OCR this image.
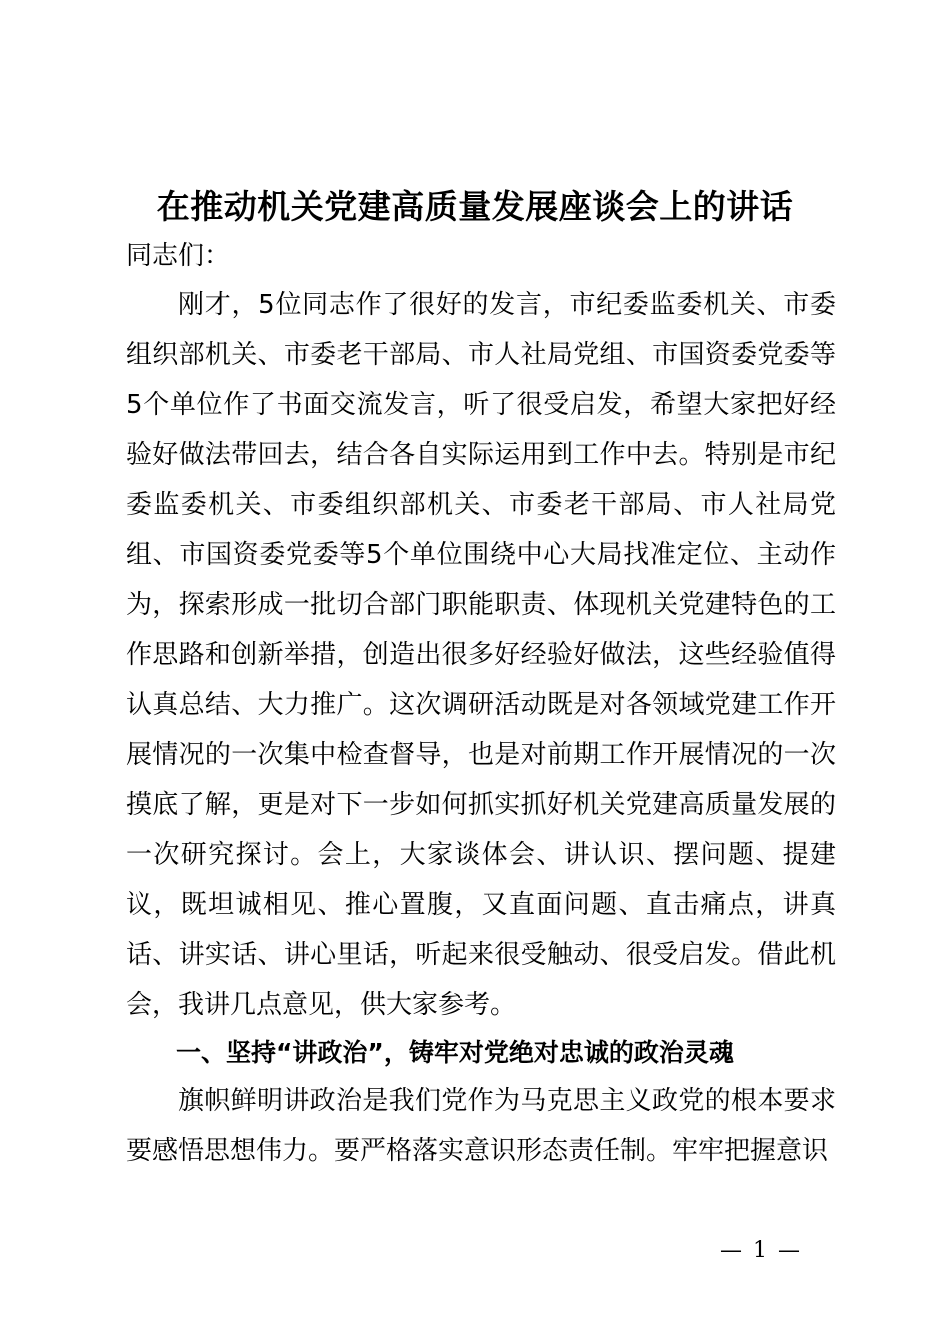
在推动机关党建高质量发展座谈会上的讲话
同志们：

刚才，5位同志作了很好的发言，市纪委监委机关、市委组织部机关、市委老干部局、市人社局党组、市国资委党委等5个单位作了书面交流发言，听了很受启发，希望大家把好经验好做法带回去，结合各自实际运用到工作中去。特别是市纪委监委机关、市委组织部机关、市委老干部局、市人社局党组、市国资委党委等5个单位围绕中心大局找准定位、主动作为，探索形成一批切合部门职能职责、体现机关党建特色的工作思路和创新举措，创造出很多好经验好做法，这些经验值得认真总结、大力推广。这次调研活动既是对各领域党建工作开展情况的一次集中检查督导，也是对前期工作开展情况的一次摸底了解，更是对下一步如何抓实抓好机关党建高质量发展的一次研究探讨。会上，大家谈体会、讲认识、摆问题、提建议，既坦诚相见、推心置腹，又直面问题、直击痛点，讲真话、讲实话、讲心里话，听起来很受触动、很受启发。借此机会，我讲几点意见，供大家参考。

一、坚持“讲政治”，铸牢对党绝对忠诚的政治灵魂

旗帜鲜明讲政治是我们党作为马克思主义政党的根本要求要感悟思想伟力。要严格落实意识形态责任制。牢牢把握意识

— 1 —
